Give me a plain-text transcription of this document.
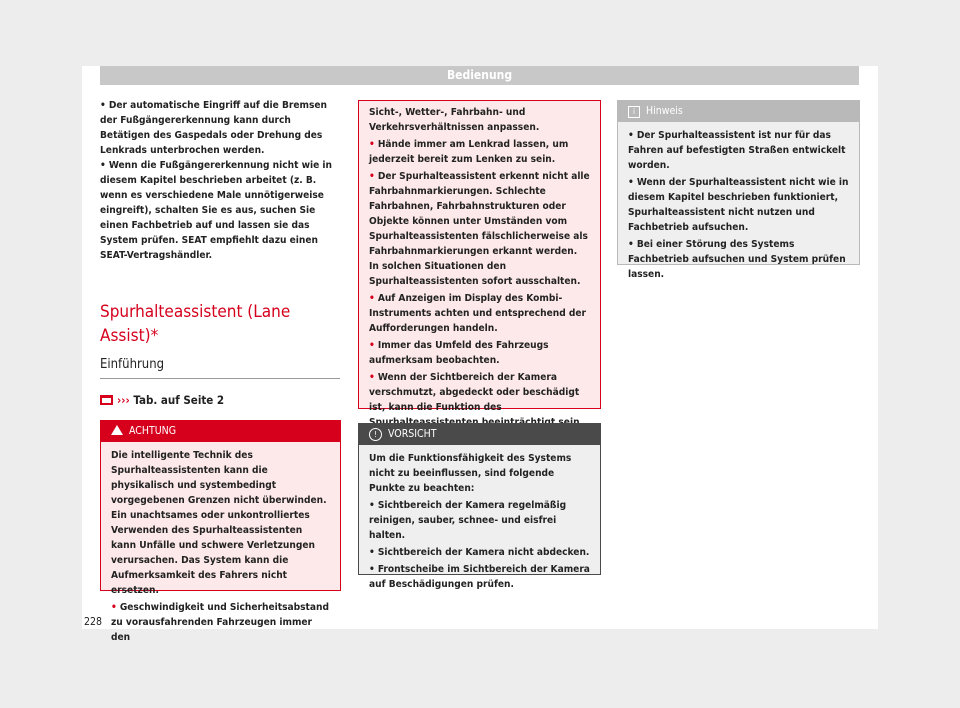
Bedienung

• Der automatische Eingriff auf die Bremsen der Fußgängererkennung kann durch Betätigen des Gaspedals oder Drehung des Lenkrads unterbrochen werden.

• Wenn die Fußgängererkennung nicht wie in diesem Kapitel beschrieben arbeitet (z. B. wenn es verschiedene Male unnötigerweise eingreift), schalten Sie es aus, suchen Sie einen Fachbetrieb auf und lassen sie das System prüfen. SEAT empfiehlt dazu einen SEAT-Vertragshändler.

Spurhalteassistent (Lane Assist)*
Einführung
››› Tab. auf Seite 2
ACHTUNG

Die intelligente Technik des Spurhalteassistenten kann die physikalisch und systembedingt vorgegebenen Grenzen nicht überwinden. Ein unachtsames oder unkontrolliertes Verwenden des Spurhalteassistenten kann Unfälle und schwere Verletzungen verursachen. Das System kann die Aufmerksamkeit des Fahrers nicht ersetzen.

• Geschwindigkeit und Sicherheitsabstand zu vorausfahrenden Fahrzeugen immer den

Sicht-, Wetter-, Fahrbahn- und Verkehrsverhältnissen anpassen.

• Hände immer am Lenkrad lassen, um jederzeit bereit zum Lenken zu sein.

• Der Spurhalteassistent erkennt nicht alle Fahrbahnmarkierungen. Schlechte Fahrbahnen, Fahrbahnstrukturen oder Objekte können unter Umständen vom Spurhalteassistenten fälschlicherweise als Fahrbahnmarkierungen erkannt werden. In solchen Situationen den Spurhalteassistenten sofort ausschalten.

• Auf Anzeigen im Display des Kombi-Instruments achten und entsprechend der Aufforderungen handeln.

• Immer das Umfeld des Fahrzeugs aufmerksam beobachten.

• Wenn der Sichtbereich der Kamera verschmutzt, abgedeckt oder beschädigt ist, kann die Funktion des

! VORSICHT

Um die Funktionsfähigkeit des Systems nicht zu beeinflussen, sind folgende Punkte zu beachten:

• Sichtbereich der Kamera regelmäßig reinigen, sauber, schnee- und eisfrei halten.

• Sichtbereich der Kamera nicht abdecken.

• Frontscheibe im Sichtbereich der Kamera auf Beschädigungen prüfen.

i Hinweis

• Der Spurhalteassistent ist nur für das Fahren auf befestigten Straßen entwickelt worden.

• Wenn der Spurhalteassistent nicht wie in diesem Kapitel beschrieben funktioniert, Spurhalteassistent nicht nutzen und Fachbetrieb aufsuchen.

• Bei einer Störung des Systems Fachbetrieb aufsuchen und System prüfen lassen.

228
